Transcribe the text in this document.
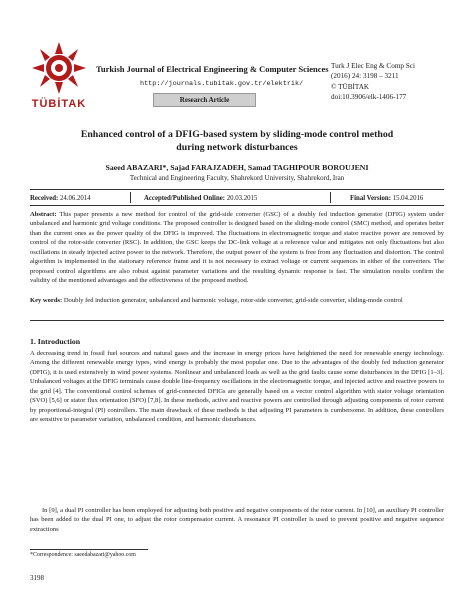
TÜBİTAK
Turkish Journal of Electrical Engineering & Computer Sciences
http://journals.tubitak.gov.tr/elektrik/
Research Article
Turk J Elec Eng & Comp Sci
(2016) 24: 3198 – 3211
© TÜBİTAK
doi:10.3906/elk-1406-177
Enhanced control of a DFIG-based system by sliding-mode control method
during network disturbances
Saeed ABAZARI*, Sajad FARAJZADEH, Samad TAGHIPOUR BOROUJENI
Technical and Engineering Faculty, Shahrekord University, Shahrekord, Iran
Received: 24.06.2014	Accepted/Published Online: 20.03.2015	Final Version: 15.04.2016
Abstract: This paper presents a new method for control of the grid-side converter (GSC) of a doubly fed induction generator (DFIG) system under unbalanced and harmonic grid voltage conditions. The proposed controller is designed based on the sliding-mode control (SMC) method, and operates better than the current ones as the power quality of the DFIG is improved. The fluctuations in electromagnetic torque and stator reactive power are removed by control of the rotor-side converter (RSC). In addition, the GSC keeps the DC-link voltage at a reference value and mitigates not only fluctuations but also oscillations in steady injected active power to the network. Therefore, the output power of the system is free from any fluctuation and distortion. The control algorithm is implemented in the stationary reference frame and it is not necessary to extract voltage or current sequences in either of the converters. The proposed control algorithms are also robust against parameter variations and the resulting dynamic response is fast. The simulation results confirm the validity of the mentioned advantages and the effectiveness of the proposed method.
Key words: Doubly fed induction generator, unbalanced and harmonic voltage, rotor-side converter, grid-side converter, sliding-mode control
1. Introduction
A decreasing trend in fossil fuel sources and natural gases and the increase in energy prices have heightened the need for renewable energy technology. Among the different renewable energy types, wind energy is probably the most popular one. Due to the advantages of the doubly fed induction generator (DFIG), it is used extensively in wind power systems. Nonlinear and unbalanced loads as well as the grid faults cause some disturbances in the DFIG [1–3]. Unbalanced voltages at the DFIG terminals cause double line-frequency oscillations in the electromagnetic torque, and injected active and reactive powers to the grid [4]. The conventional control schemes of grid-connected DFIGs are generally based on a vector control algorithm with stator voltage orientation (SVO) [5,6] or stator flux orientation (SFO) [7,8]. In these methods, active and reactive powers are controlled through adjusting components of rotor current by proportional-integral (PI) controllers. The main drawback of these methods is that adjusting PI parameters is cumbersome. In addition, these controllers are sensitive to parameter variation, unbalanced condition, and harmonic disturbances.
In [9], a dual PI controller has been employed for adjusting both positive and negative components of the rotor current. In [10], an auxiliary PI controller has been added to the dual PI one, to adjust the rotor compensator current. A resonance PI controller is used to prevent positive and negative sequence extractions
*Correspondence: saeedabazari@yahoo.com
3198
